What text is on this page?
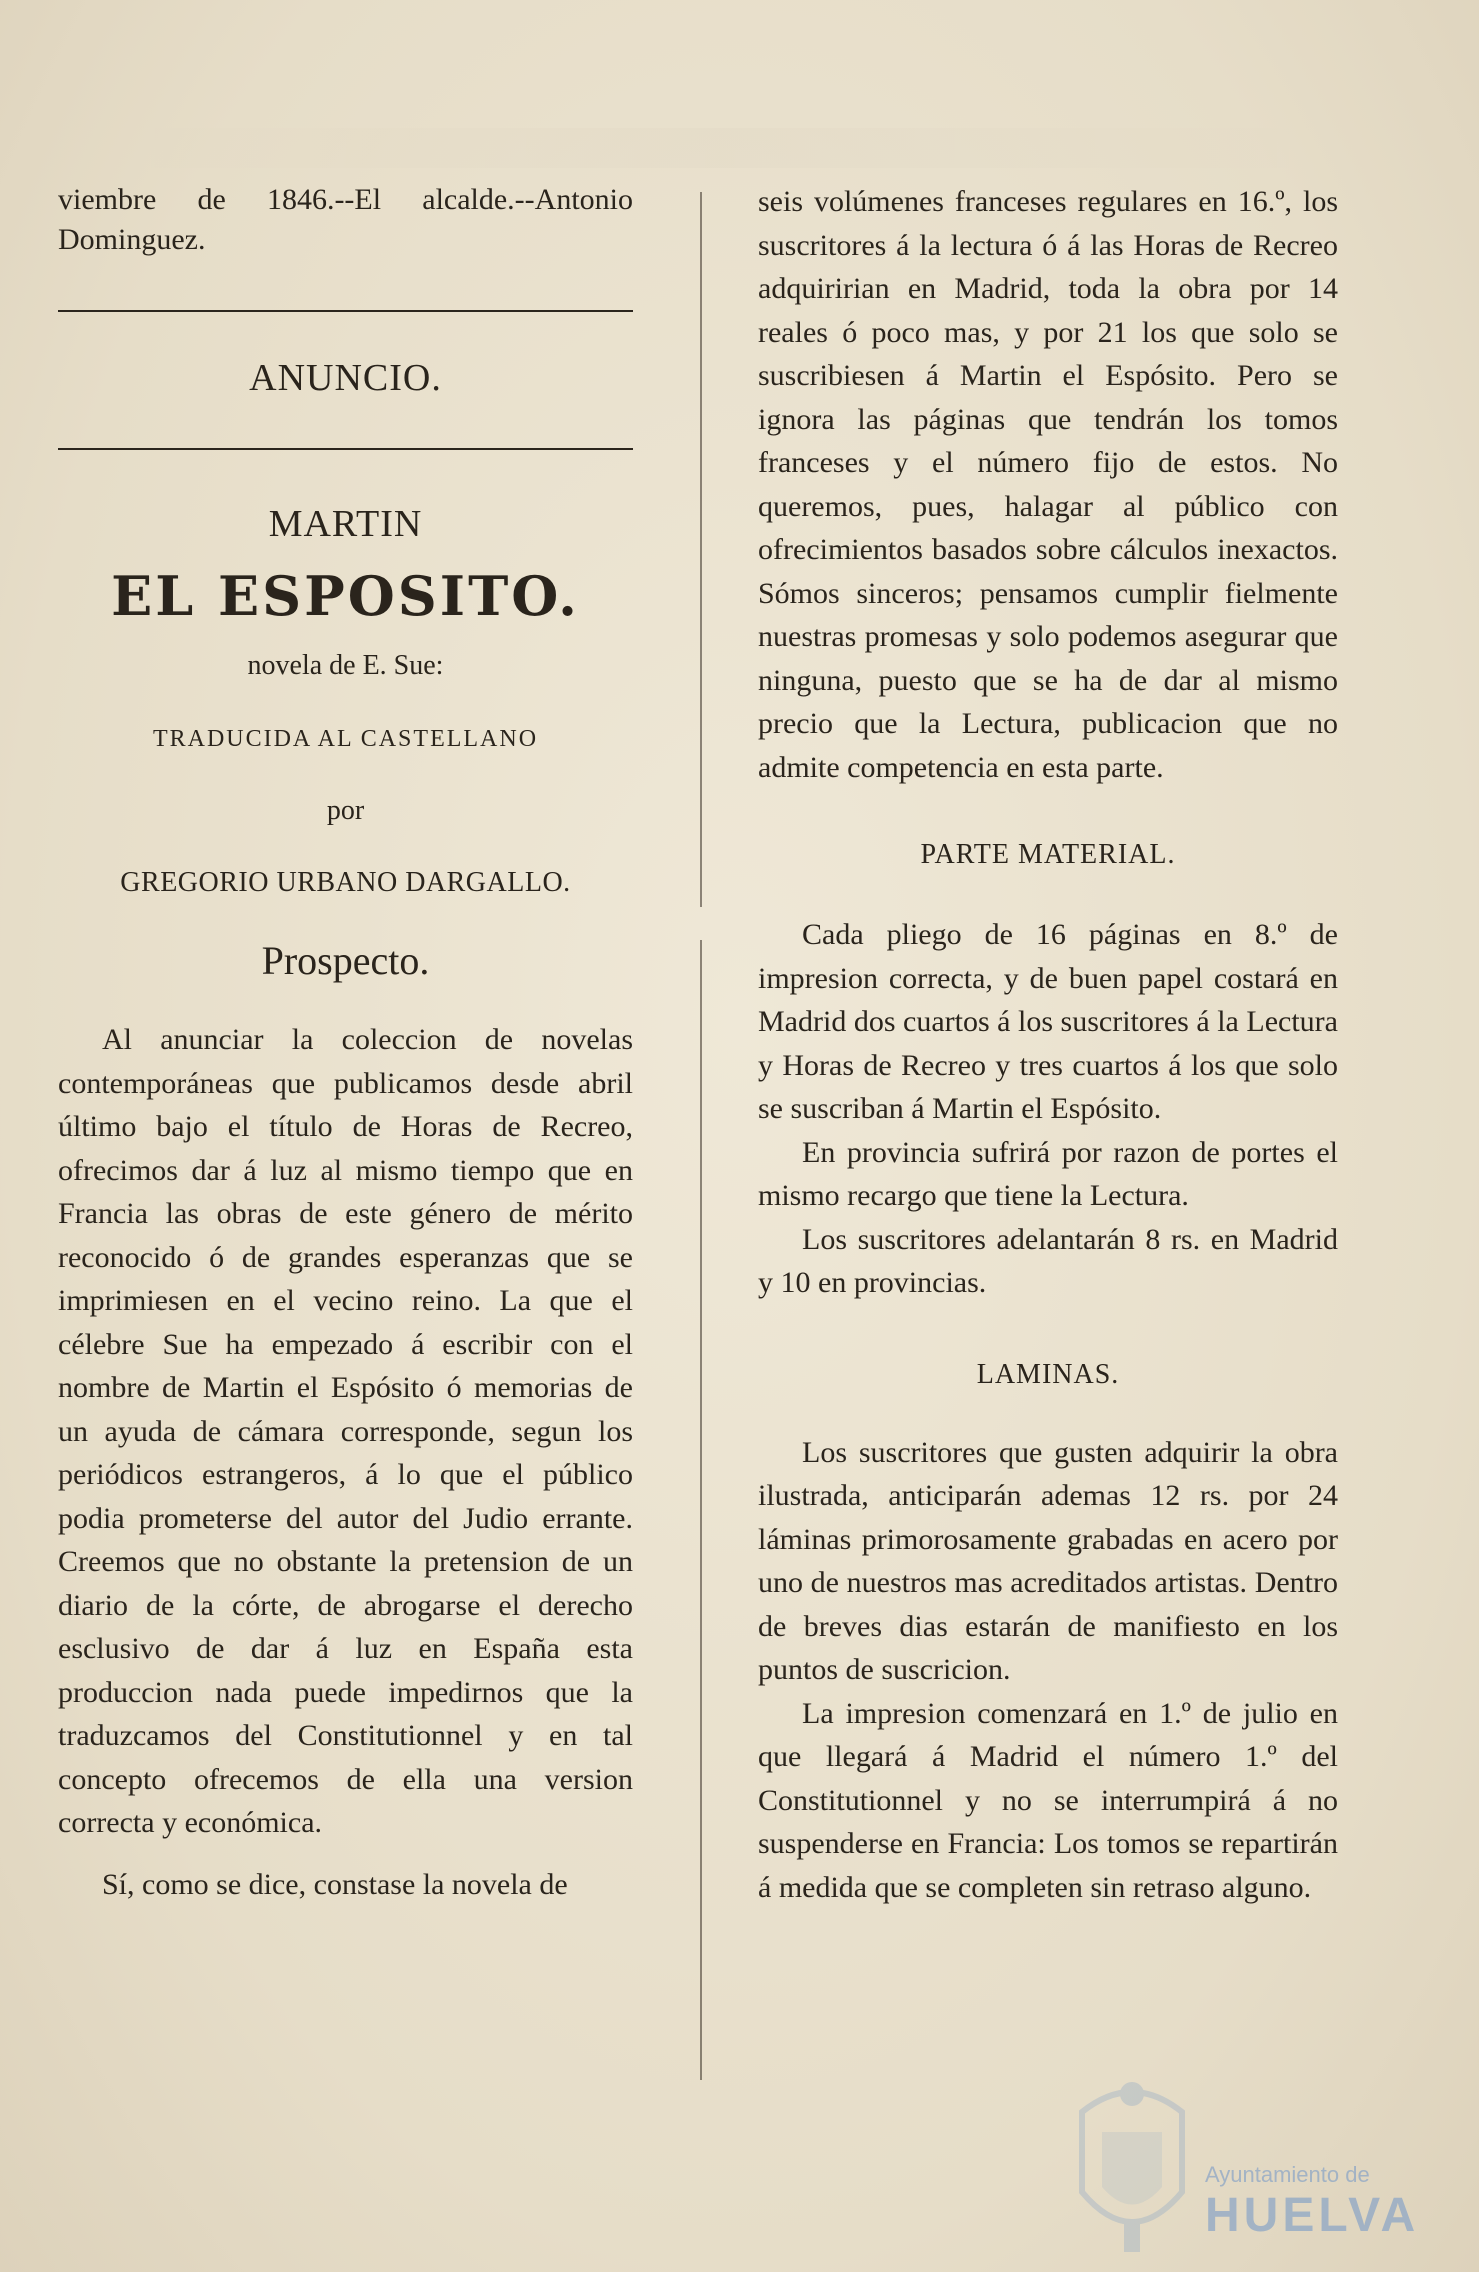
viembre de 1846.--El alcalde.--Antonio Dominguez.

ANUNCIO.
MARTIN
EL ESPOSITO.
novela de E. Sue:
TRADUCIDA AL CASTELLANO
por
GREGORIO URBANO DARGALLO.
Prospecto.

Al anunciar la coleccion de novelas contemporáneas que publicamos desde abril último bajo el título de Horas de Recreo, ofrecimos dar á luz al mismo tiempo que en Francia las obras de este género de mérito reconocido ó de grandes esperanzas que se imprimiesen en el vecino reino. La que el célebre Sue ha empezado á escribir con el nombre de Martin el Espósito ó memorias de un ayuda de cámara corresponde, segun los periódicos estrangeros, á lo que el público podia prometerse del autor del Judio errante. Creemos que no obstante la pretension de un diario de la córte, de abrogarse el derecho esclusivo de dar á luz en España esta produccion nada puede impedirnos que la traduzcamos del Constitutionnel y en tal concepto ofrecemos de ella una version correcta y económica.

Sí, como se dice, constase la novela de

seis volúmenes franceses regulares en 16.º, los suscritores á la lectura ó á las Horas de Recreo adquiririan en Madrid, toda la obra por 14 reales ó poco mas, y por 21 los que solo se suscribiesen á Martin el Espósito. Pero se ignora las páginas que tendrán los tomos franceses y el número fijo de estos. No queremos, pues, halagar al público con ofrecimientos basados sobre cálculos inexactos. Sómos sinceros; pensamos cumplir fielmente nuestras promesas y solo podemos asegurar que ninguna, puesto que se ha de dar al mismo precio que la Lectura, publicacion que no admite competencia en esta parte.

PARTE MATERIAL.

Cada pliego de 16 páginas en 8.º de impresion correcta, y de buen papel costará en Madrid dos cuartos á los suscritores á la Lectura y Horas de Recreo y tres cuartos á los que solo se suscriban á Martin el Espósito.

En provincia sufrirá por razon de portes el mismo recargo que tiene la Lectura.

Los suscritores adelantarán 8 rs. en Madrid y 10 en provincias.

LAMINAS.

Los suscritores que gusten adquirir la obra ilustrada, anticiparán ademas 12 rs. por 24 láminas primorosamente grabadas en acero por uno de nuestros mas acreditados artistas. Dentro de breves dias estarán de manifiesto en los puntos de suscricion.

La impresion comenzará en 1.º de julio en que llegará á Madrid el número 1.º del Constitutionnel y no se interrumpirá á no suspenderse en Francia: Los tomos se repartirán á medida que se completen sin retraso alguno.

Ayuntamiento de
HUELVA
